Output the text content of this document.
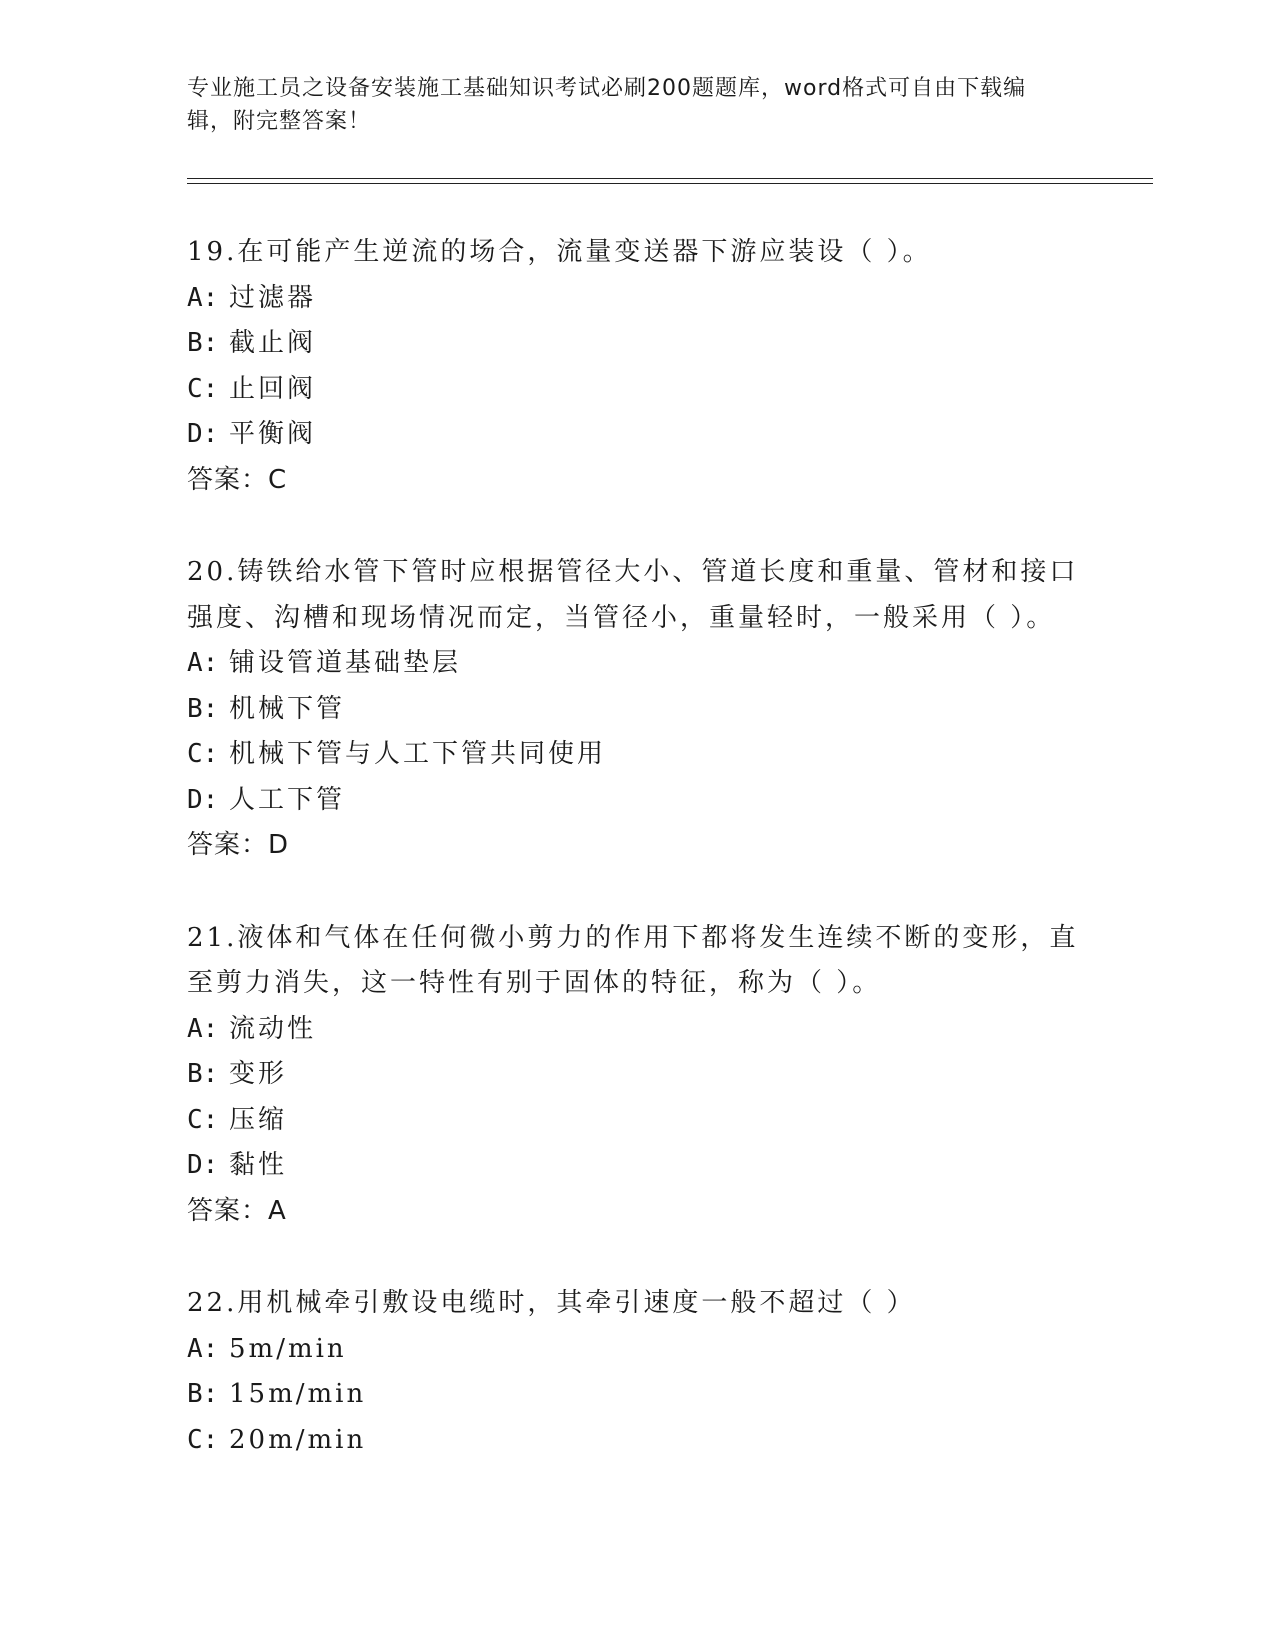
专业施工员之设备安装施工基础知识考试必刷200题题库，word格式可自由下载编辑，附完整答案！
19.在可能产生逆流的场合，流量变送器下游应装设（ ）。
A: 过滤器
B: 截止阀
C: 止回阀
D: 平衡阀
答案：C
20.铸铁给水管下管时应根据管径大小、管道长度和重量、管材和接口强度、沟槽和现场情况而定，当管径小，重量轻时，一般采用（ ）。
A: 铺设管道基础垫层
B: 机械下管
C: 机械下管与人工下管共同使用
D: 人工下管
答案：D
21.液体和气体在任何微小剪力的作用下都将发生连续不断的变形，直至剪力消失，这一特性有别于固体的特征，称为（ ）。
A: 流动性
B: 变形
C: 压缩
D: 黏性
答案：A
22.用机械牵引敷设电缆时，其牵引速度一般不超过（ ）
A: 5m/min
B: 15m/min
C: 20m/min
